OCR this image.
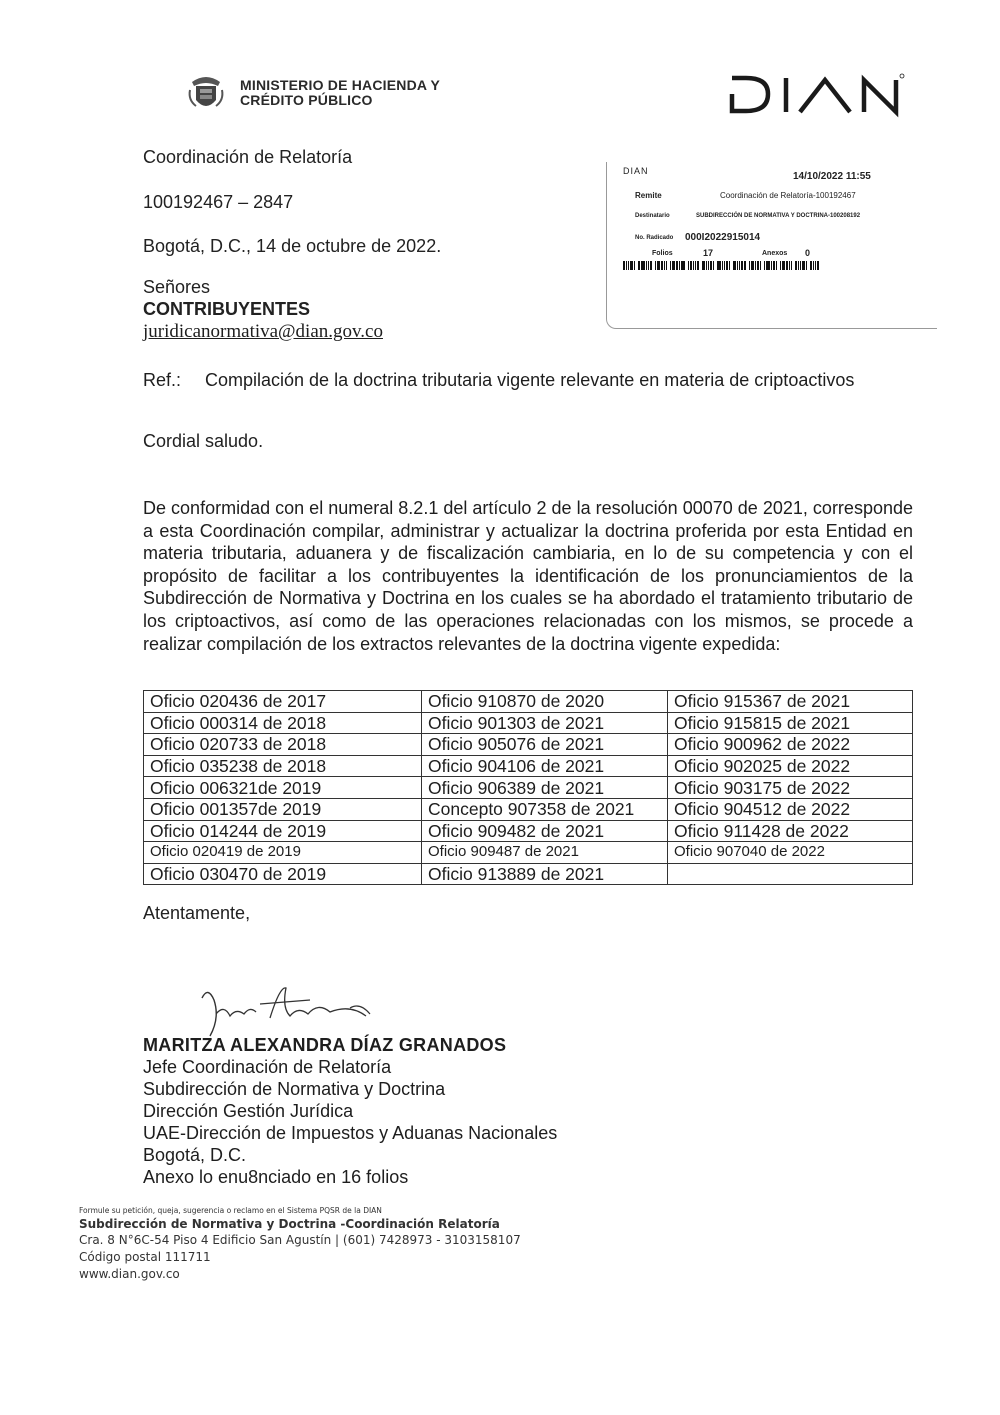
MINISTERIO DE HACIENDA Y
CRÉDITO PÚBLICO
Coordinación de Relatoría
100192467 – 2847
Bogotá, D.C., 14 de octubre de 2022.
Señores
CONTRIBUYENTES
juridicanormativa@dian.gov.co
DIAN	14/10/2022 11:55
Remite	Coordinación de Relatoría-100192467
Destinatario	SUBDIRECCIÓN DE NORMATIVA Y DOCTRINA-100208192
No. Radicado 000I2022915014
Folios	17	Anexos 0
Ref.: Compilación de la doctrina tributaria vigente relevante en materia de criptoactivos
Cordial saludo.

De conformidad con el numeral 8.2.1 del artículo 2 de la resolución 00070 de 2021, corresponde a esta Coordinación compilar, administrar y actualizar la doctrina proferida por esta Entidad en materia tributaria, aduanera y de fiscalización cambiaria, en lo de su competencia y con el propósito de facilitar a los contribuyentes la identificación de los pronunciamientos de la Subdirección de Normativa y Doctrina en los cuales se ha abordado el tratamiento tributario de los criptoactivos, así como de las operaciones relacionadas con los mismos, se procede a realizar compilación de los extractos relevantes de la doctrina vigente expedida:

Oficio 020436 de 2017	Oficio 910870 de 2020	Oficio 915367 de 2021
Oficio 000314 de 2018	Oficio 901303 de 2021	Oficio 915815 de 2021
Oficio 020733 de 2018	Oficio 905076 de 2021	Oficio 900962 de 2022
Oficio 035238 de 2018	Oficio 904106 de 2021	Oficio 902025 de 2022
Oficio 006321de 2019	Oficio 906389 de 2021	Oficio 903175 de 2022
Oficio 001357de 2019	Concepto 907358 de 2021	Oficio 904512 de 2022
Oficio 014244 de 2019	Oficio 909482 de 2021	Oficio 911428 de 2022
Oficio 020419 de 2019	Oficio 909487 de 2021	Oficio 907040 de 2022
Oficio 030470 de 2019	Oficio 913889 de 2021	
Atentamente,
MARITZA ALEXANDRA DÍAZ GRANADOS
Jefe Coordinación de Relatoría
Subdirección de Normativa y Doctrina
Dirección Gestión Jurídica
UAE-Dirección de Impuestos y Aduanas Nacionales
Bogotá, D.C.
Anexo lo enu8nciado en 16 folios
Formule su petición, queja, sugerencia o reclamo en el Sistema PQSR de la DIAN
Subdirección de Normativa y Doctrina -Coordinación Relatoría
Cra. 8 N°6C-54 Piso 4 Edificio San Agustín | (601) 7428973 - 3103158107
Código postal 111711
www.dian.gov.co
